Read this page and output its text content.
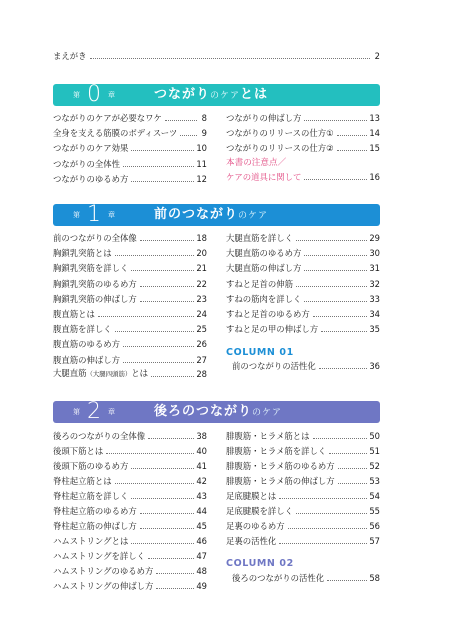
まえがき	2
第 0 章	つながりのケアとは
つながりのケアが必要なワケ	8
全身を支える筋膜のボディスーツ	9
つながりのケア効果	10
つながりの全体性	11
つながりのゆるめ方	12
つながりの伸ばし方	13
つながりのリリースの仕方①	14
つながりのリリースの仕方②	15
本書の注意点／
ケアの道具に関して	16
第 1 章	前のつながりのケア
前のつながりの全体像	18
胸鎖乳突筋とは	20
胸鎖乳突筋を詳しく	21
胸鎖乳突筋のゆるめ方	22
胸鎖乳突筋の伸ばし方	23
腹直筋とは	24
腹直筋を詳しく	25
腹直筋のゆるめ方	26
腹直筋の伸ばし方	27
大腿直筋（大腿四頭筋）とは	28
大腿直筋を詳しく	29
大腿直筋のゆるめ方	30
大腿直筋の伸ばし方	31
すねと足首の伸筋	32
すねの筋肉を詳しく	33
すねと足首のゆるめ方	34
すねと足の甲の伸ばし方	35
COLUMN 01
前のつながりの活性化	36
第 2 章	後ろのつながりのケア
後ろのつながりの全体像	38
後頭下筋とは	40
後頭下筋のゆるめ方	41
脊柱起立筋とは	42
脊柱起立筋を詳しく	43
脊柱起立筋のゆるめ方	44
脊柱起立筋の伸ばし方	45
ハムストリングとは	46
ハムストリングを詳しく	47
ハムストリングのゆるめ方	48
ハムストリングの伸ばし方	49
腓腹筋・ヒラメ筋とは	50
腓腹筋・ヒラメ筋を詳しく	51
腓腹筋・ヒラメ筋のゆるめ方	52
腓腹筋・ヒラメ筋の伸ばし方	53
足底腱膜とは	54
足底腱膜を詳しく	55
足裏のゆるめ方	56
足裏の活性化	57
COLUMN 02
後ろのつながりの活性化	58
